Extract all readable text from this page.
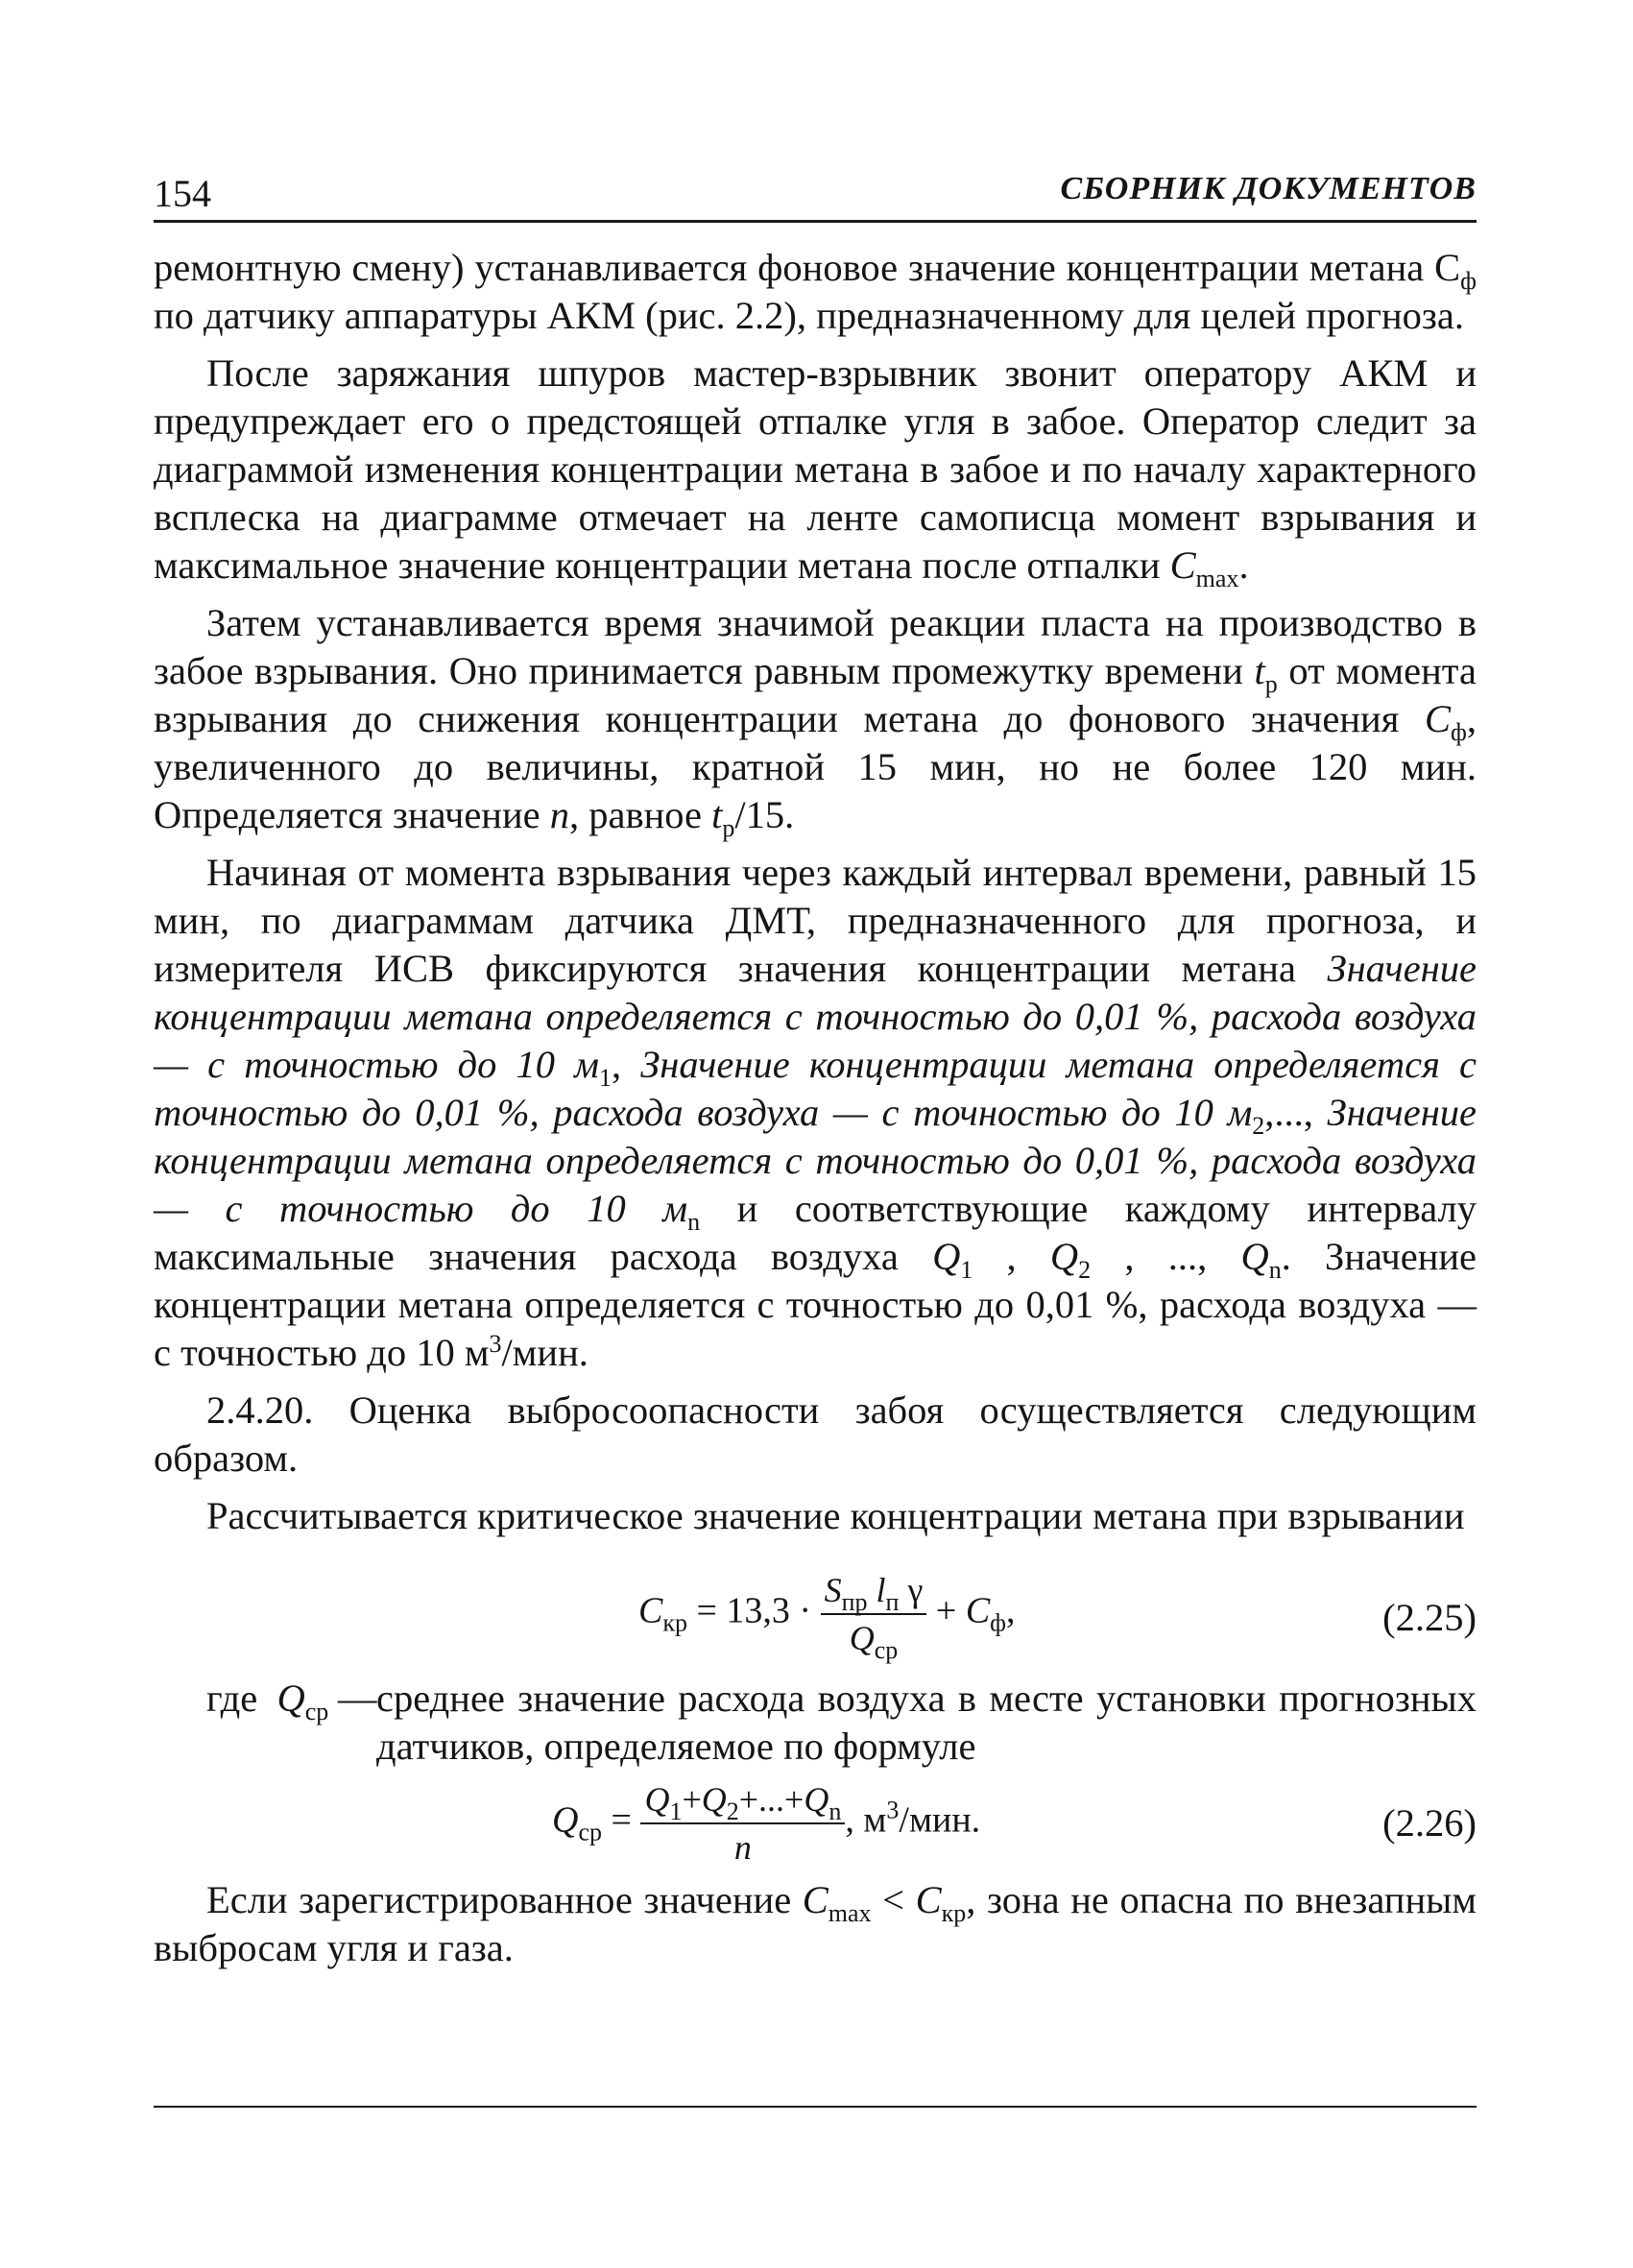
154	СБОРНИК ДОКУМЕНТОВ

ремонтную смену) устанавливается фоновое значение концентрации метана $С_ф$ по датчику аппаратуры АКМ (рис. 2.2), предназначенному для целей прогноза.

После заряжания шпуров мастер-взрывник звонит оператору АКМ и предупреждает его о предстоящей отпалке угля в забое. Оператор следит за диаграммой изменения концентрации метана в забое и по началу характерного всплеска на диаграмме отмечает на ленте самописца момент взрывания и максимальное значение концентрации метана после отпалки $C_{max}$.

Затем устанавливается время значимой реакции пласта на производство в забое взрывания. Оно принимается равным промежутку времени $t_р$ от момента взрывания до снижения концентрации метана до фонового значения $C_ф$, увеличенного до величины, кратной 15 мин, но не более 120 мин. Определяется значение n, равное $t_р/15$.

Начиная от момента взрывания через каждый интервал времени, равный 15 мин, по диаграммам датчика ДМТ, предназначенного для прогноза, и измерителя ИСВ фиксируются значения концентрации метана Значение концентрации метана определяется с точностью до 0,01 %, расхода воздуха — с точностью до 10 $м_1$, Значение концентрации метана определяется с точностью до 0,01 %, расхода воздуха — с точностью до 10 $м_2$,..., Значение концентрации метана определяется с точностью до 0,01 %, расхода воздуха — с точностью до 10 $м_n$ и соответствующие каждому интервалу максимальные значения расхода воздуха $Q_1$ , $Q_2$ , ..., $Q_n$. Значение концентрации метана определяется с точностью до 0,01 %, расхода воздуха — с точностью до 10 $м^3$/мин.

2.4.20. Оценка выбросоопасности забоя осуществляется следующим образом.

Рассчитывается критическое значение концентрации метана при взрывании

$C_{кр} = 13,3 \cdot \frac{S_{пр} l_п \gamma}{Q_{ср}} + C_ф$,	(2.25)
где $Q_{ср}$ — среднее значение расхода воздуха в месте установки прогнозных датчиков, определяемое по формуле
$Q_{ср} = \frac{Q_1+Q_2+...+Q_n}{n}$ , $м^3$/мин.	(2.26)

Если зарегистрированное значение $C_{max} < C_{кр}$, зона не опасна по внезапным выбросам угля и газа.
